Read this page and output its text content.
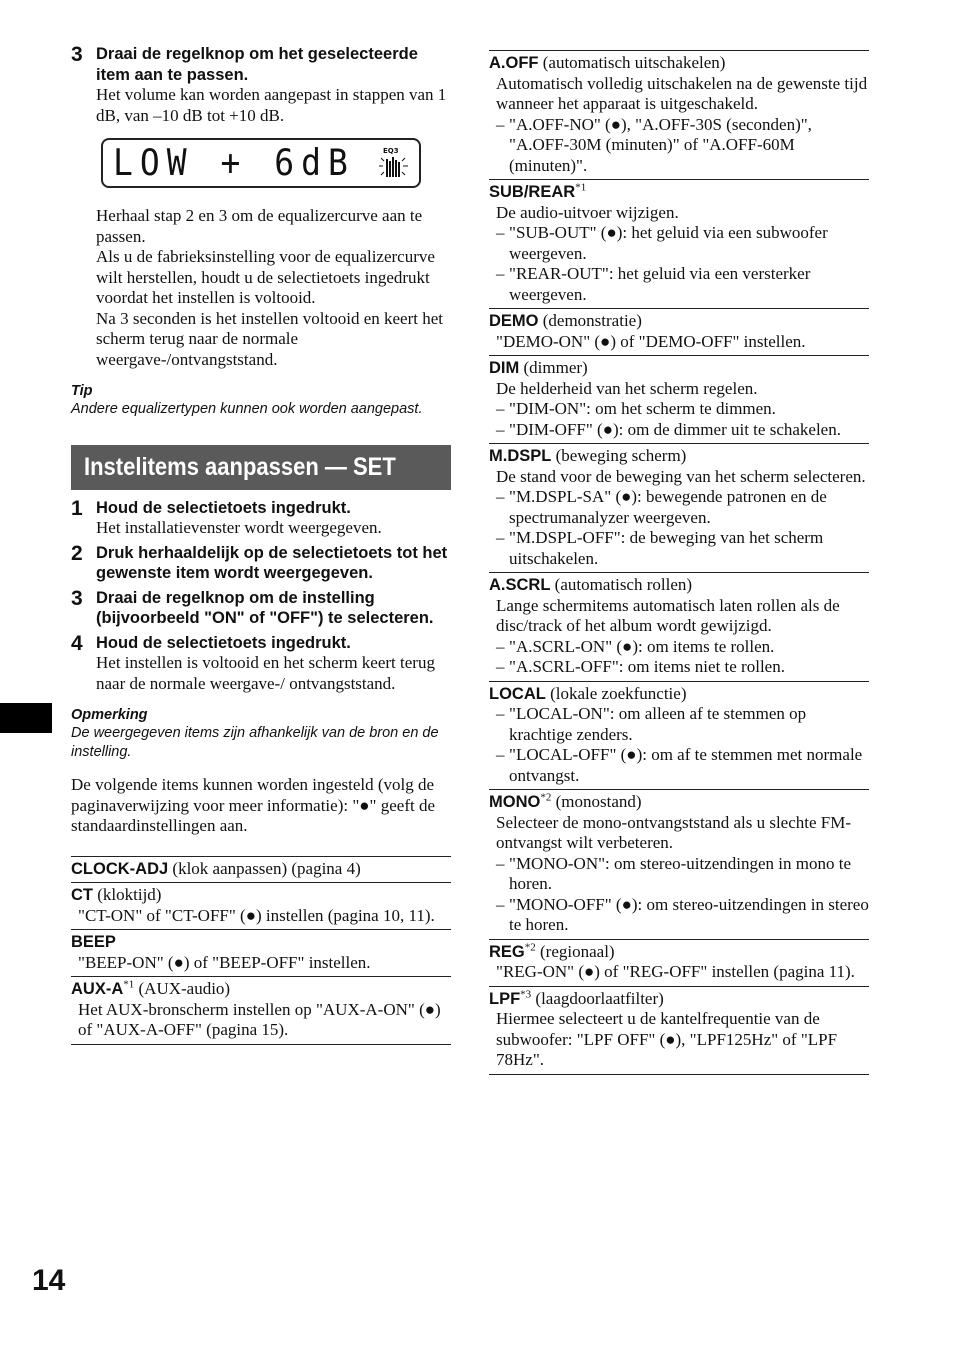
3 Draai de regelknop om het geselecteerde item aan te passen.
Het volume kan worden aangepast in stappen van 1 dB, van –10 dB tot +10 dB.
LOW + 6dB	EQ3
Herhaal stap 2 en 3 om de equalizercurve aan te passen.
Als u de fabrieksinstelling voor de equalizercurve wilt herstellen, houdt u de selectietoets ingedrukt voordat het instellen is voltooid.
Na 3 seconden is het instellen voltooid en keert het scherm terug naar de normale weergave-/ontvangststand.
Tip
Andere equalizertypen kunnen ook worden aangepast.
Instelitems aanpassen — SET
1 Houd de selectietoets ingedrukt.
Het installatievenster wordt weergegeven.
2 Druk herhaaldelijk op de selectietoets tot het gewenste item wordt weergegeven.
3 Draai de regelknop om de instelling (bijvoorbeeld "ON" of "OFF") te selecteren.
4 Houd de selectietoets ingedrukt.
Het instellen is voltooid en het scherm keert terug naar de normale weergave-/ ontvangststand.
Opmerking
De weergegeven items zijn afhankelijk van de bron en de instelling.
De volgende items kunnen worden ingesteld (volg de paginaverwijzing voor meer informatie): "●" geeft de standaardinstellingen aan.
CLOCK-ADJ (klok aanpassen) (pagina 4)
CT (kloktijd)
"CT-ON" of "CT-OFF" (●) instellen (pagina 10, 11).
BEEP
"BEEP-ON" (●) of "BEEP-OFF" instellen.
AUX-$A^{*1}$ (AUX-audio)
Het AUX-bronscherm instellen op "AUX-A-ON" (●) of "AUX-A-OFF" (pagina 15).
A.OFF (automatisch uitschakelen)
Automatisch volledig uitschakelen na de gewenste tijd wanneer het apparaat is uitgeschakeld.
– "A.OFF-NO" (●), "A.OFF-30S (seconden)", "A.OFF-30M (minuten)" of "A.OFF-60M (minuten)".
SUB/REAR$^{*1}$
De audio-uitvoer wijzigen.
– "SUB-OUT" (●): het geluid via een subwoofer weergeven.
– "REAR-OUT": het geluid via een versterker weergeven.
DEMO (demonstratie)
"DEMO-ON" (●) of "DEMO-OFF" instellen.
DIM (dimmer)
De helderheid van het scherm regelen.
– "DIM-ON": om het scherm te dimmen.
– "DIM-OFF" (●): om de dimmer uit te schakelen.
M.DSPL (beweging scherm)
De stand voor de beweging van het scherm selecteren.
– "M.DSPL-SA" (●): bewegende patronen en de spectrumanalyzer weergeven.
– "M.DSPL-OFF": de beweging van het scherm uitschakelen.
A.SCRL (automatisch rollen)
Lange schermitems automatisch laten rollen als de disc/track of het album wordt gewijzigd.
– "A.SCRL-ON" (●): om items te rollen.
– "A.SCRL-OFF": om items niet te rollen.
LOCAL (lokale zoekfunctie)
– "LOCAL-ON": om alleen af te stemmen op krachtige zenders.
– "LOCAL-OFF" (●): om af te stemmen met normale ontvangst.
MONO$^{*2}$ (monostand)
Selecteer de mono-ontvangststand als u slechte FM-ontvangst wilt verbeteren.
– "MONO-ON": om stereo-uitzendingen in mono te horen.
– "MONO-OFF" (●): om stereo-uitzendingen in stereo te horen.
REG$^{*2}$ (regionaal)
"REG-ON" (●) of "REG-OFF" instellen (pagina 11).
LPF$^{*3}$ (laagdoorlaatfilter)
Hiermee selecteert u de kantelfrequentie van de subwoofer: "LPF OFF" (●), "LPF125Hz" of "LPF 78Hz".
14
